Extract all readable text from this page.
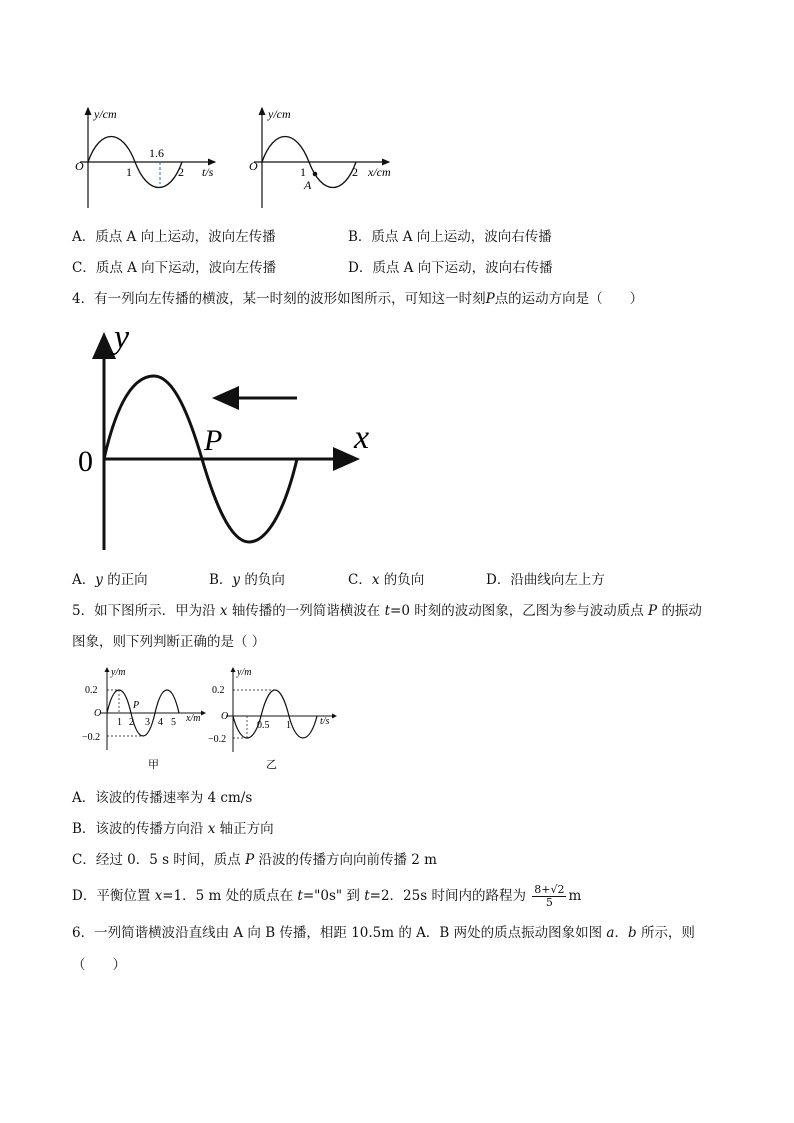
y/cm
O	1	2
1.6
t/s
y/cm
O	1
A
2 x/cm
A．质点 A 向上运动，波向左传播	B．质点 A 向上运动，波向右传播
C．质点 A 向下运动，波向左传播	D．质点 A 向下运动，波向右传播
4．有一列向左传播的横波，某一时刻的波形如图所示，可知这一时刻P点的运动方向是（　　）
y
x
0
P
A．y 的正向	B．y 的负向	C．x 的负向	D．沿曲线向左上方
5．如下图所示．甲为沿 x 轴传播的一列简谐横波在 t=0 时刻的波动图象，乙图为参与波动质点 P 的振动
图象，则下列判断正确的是（ ）
y/m
0.2
O
−0.2
P
1 2 3 4 5 x/m
甲
y/m
0.2
O
−0.2
0.5 1	t/s
乙
A．该波的传播速率为 4 cm/s
B．该波的传播方向沿 x 轴正方向
C．经过 0．5 s 时间，质点 P 沿波的传播方向向前传播 2 m
D．平衡位置 x=1．5 m 处的质点在 t="0s" 到 t=2．25s 时间内的路程为 $\frac{8+√2}{5}$ m
6．一列简谐横波沿直线由 A 向 B 传播，相距 10.5m 的 A．B 两处的质点振动图象如图 a．b 所示，则
（　　）
